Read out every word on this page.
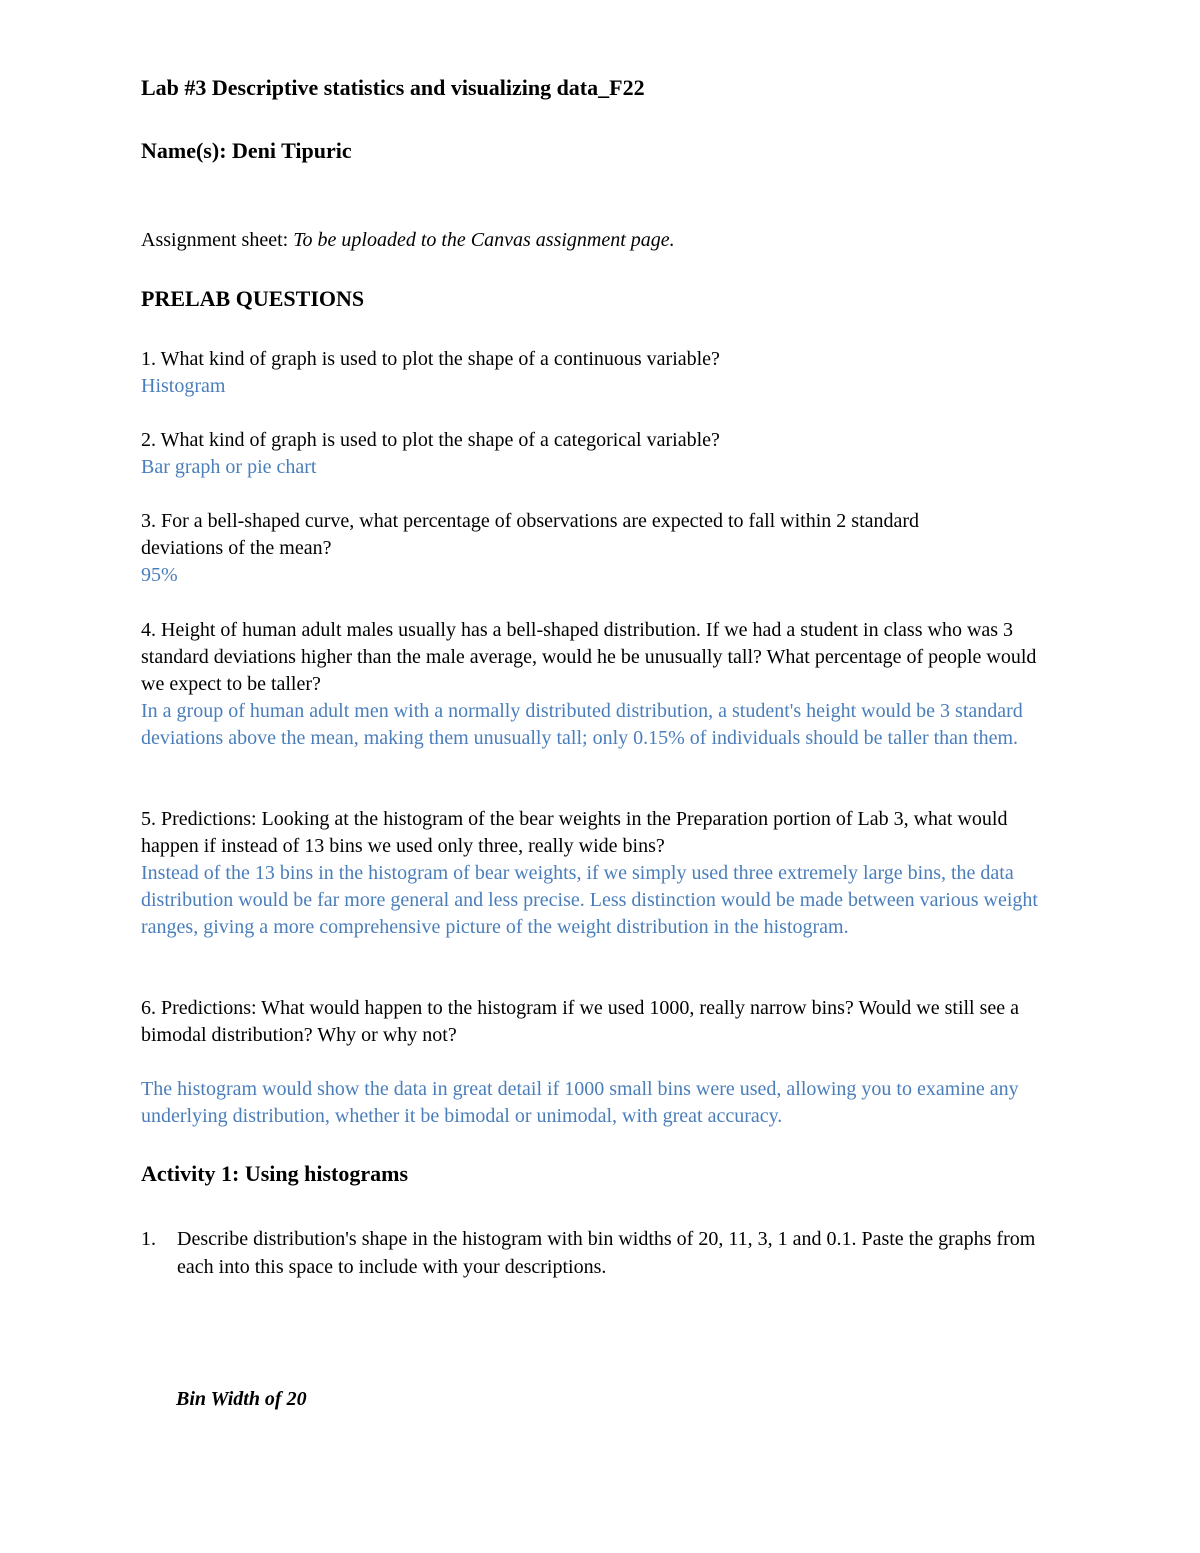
Lab #3 Descriptive statistics and visualizing data_F22
Name(s): Deni Tipuric
Assignment sheet: To be uploaded to the Canvas assignment page.
PRELAB QUESTIONS
1. What kind of graph is used to plot the shape of a continuous variable?
Histogram
2. What kind of graph is used to plot the shape of a categorical variable?
Bar graph or pie chart
3. For a bell-shaped curve, what percentage of observations are expected to fall within 2 standard deviations of the mean?
95%
4. Height of human adult males usually has a bell-shaped distribution. If we had a student in class who was 3 standard deviations higher than the male average, would he be unusually tall? What percentage of people would we expect to be taller?
In a group of human adult men with a normally distributed distribution, a student's height would be 3 standard deviations above the mean, making them unusually tall; only 0.15% of individuals should be taller than them.
5. Predictions: Looking at the histogram of the bear weights in the Preparation portion of Lab 3, what would happen if instead of 13 bins we used only three, really wide bins?
Instead of the 13 bins in the histogram of bear weights, if we simply used three extremely large bins, the data distribution would be far more general and less precise. Less distinction would be made between various weight ranges, giving a more comprehensive picture of the weight distribution in the histogram.
6. Predictions: What would happen to the histogram if we used 1000, really narrow bins? Would we still see a bimodal distribution? Why or why not?
The histogram would show the data in great detail if 1000 small bins were used, allowing you to examine any underlying distribution, whether it be bimodal or unimodal, with great accuracy.
Activity 1: Using histograms
1. Describe distribution's shape in the histogram with bin widths of 20, 11, 3, 1 and 0.1. Paste the graphs from each into this space to include with your descriptions.
Bin Width of 20
